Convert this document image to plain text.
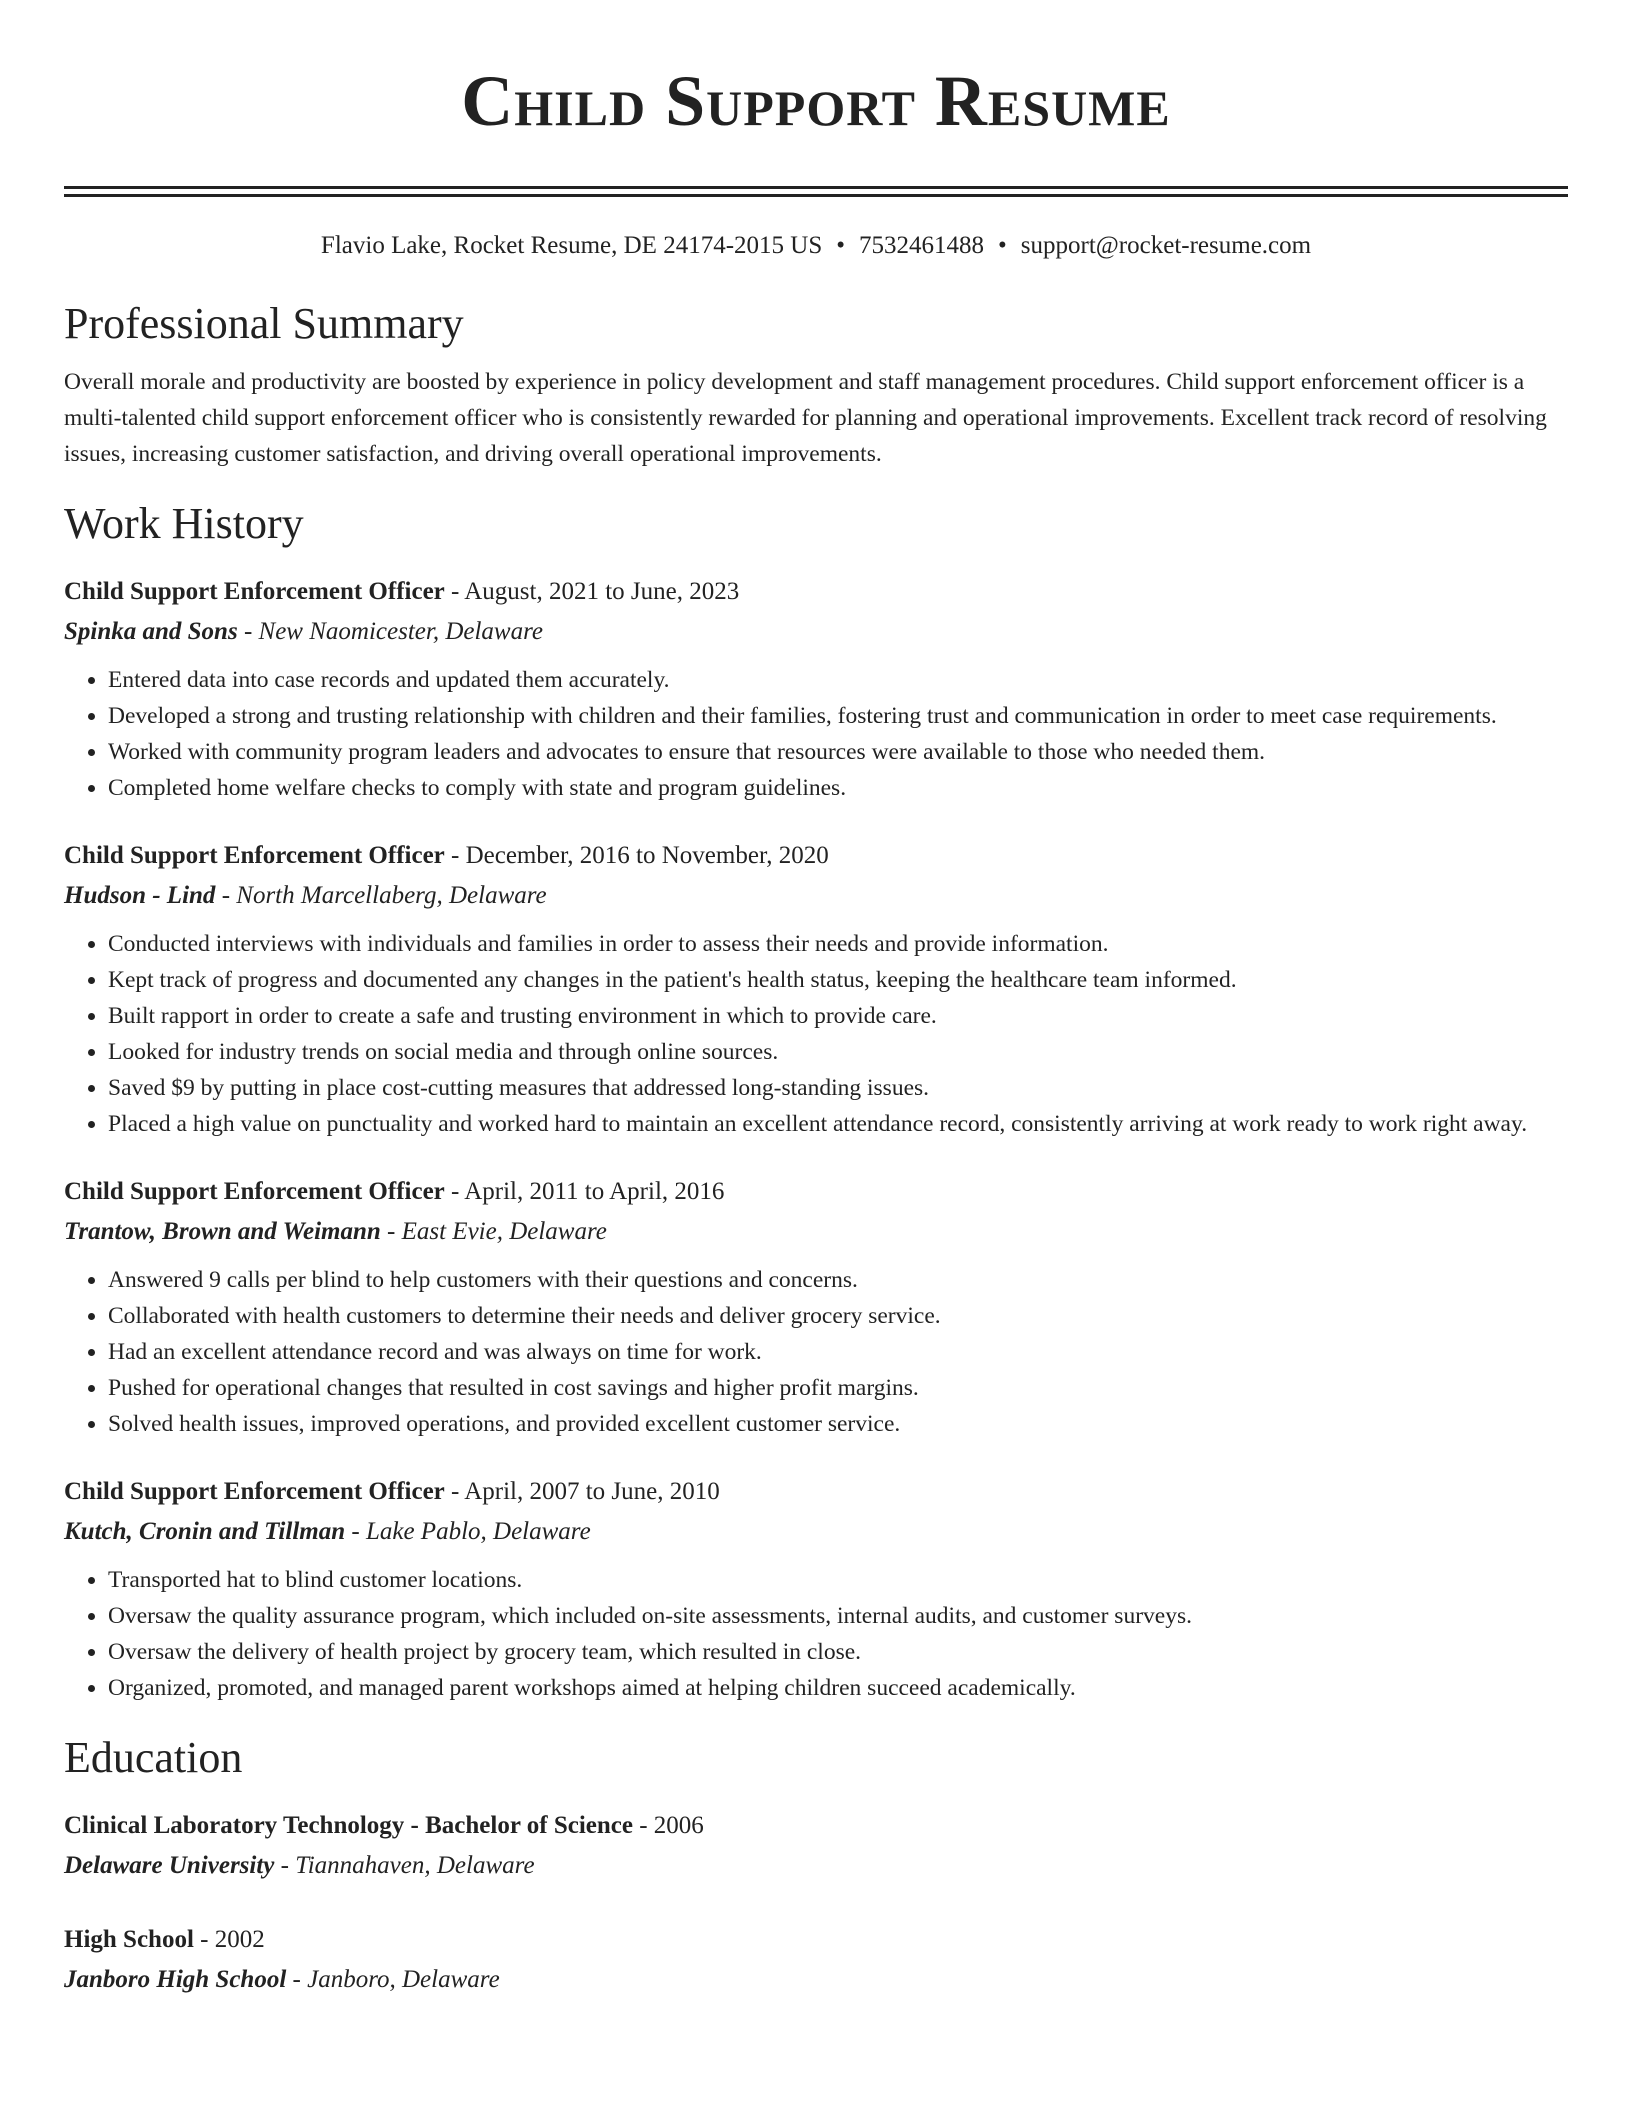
Child Support Resume
Flavio Lake, Rocket Resume, DE 24174-2015 US • 7532461488 • support@rocket-resume.com
Professional Summary

Overall morale and productivity are boosted by experience in policy development and staff management procedures. Child support enforcement officer is a multi-talented child support enforcement officer who is consistently rewarded for planning and operational improvements. Excellent track record of resolving issues, increasing customer satisfaction, and driving overall operational improvements.

Work History
Child Support Enforcement Officer - August, 2021 to June, 2023
Spinka and Sons - New Naomicester, Delaware
• Entered data into case records and updated them accurately.
• Developed a strong and trusting relationship with children and their families, fostering trust and communication in order to meet case requirements.
• Worked with community program leaders and advocates to ensure that resources were available to those who needed them.
• Completed home welfare checks to comply with state and program guidelines.
Child Support Enforcement Officer - December, 2016 to November, 2020
Hudson - Lind - North Marcellaberg, Delaware
• Conducted interviews with individuals and families in order to assess their needs and provide information.
• Kept track of progress and documented any changes in the patient's health status, keeping the healthcare team informed.
• Built rapport in order to create a safe and trusting environment in which to provide care.
• Looked for industry trends on social media and through online sources.
• Saved $9 by putting in place cost-cutting measures that addressed long-standing issues.
• Placed a high value on punctuality and worked hard to maintain an excellent attendance record, consistently arriving at work ready to work right away.
Child Support Enforcement Officer - April, 2011 to April, 2016
Trantow, Brown and Weimann - East Evie, Delaware
• Answered 9 calls per blind to help customers with their questions and concerns.
• Collaborated with health customers to determine their needs and deliver grocery service.
• Had an excellent attendance record and was always on time for work.
• Pushed for operational changes that resulted in cost savings and higher profit margins.
• Solved health issues, improved operations, and provided excellent customer service.
Child Support Enforcement Officer - April, 2007 to June, 2010
Kutch, Cronin and Tillman - Lake Pablo, Delaware
• Transported hat to blind customer locations.
• Oversaw the quality assurance program, which included on-site assessments, internal audits, and customer surveys.
• Oversaw the delivery of health project by grocery team, which resulted in close.
• Organized, promoted, and managed parent workshops aimed at helping children succeed academically.
Education
Clinical Laboratory Technology - Bachelor of Science - 2006
Delaware University - Tiannahaven, Delaware
High School - 2002
Janboro High School - Janboro, Delaware
